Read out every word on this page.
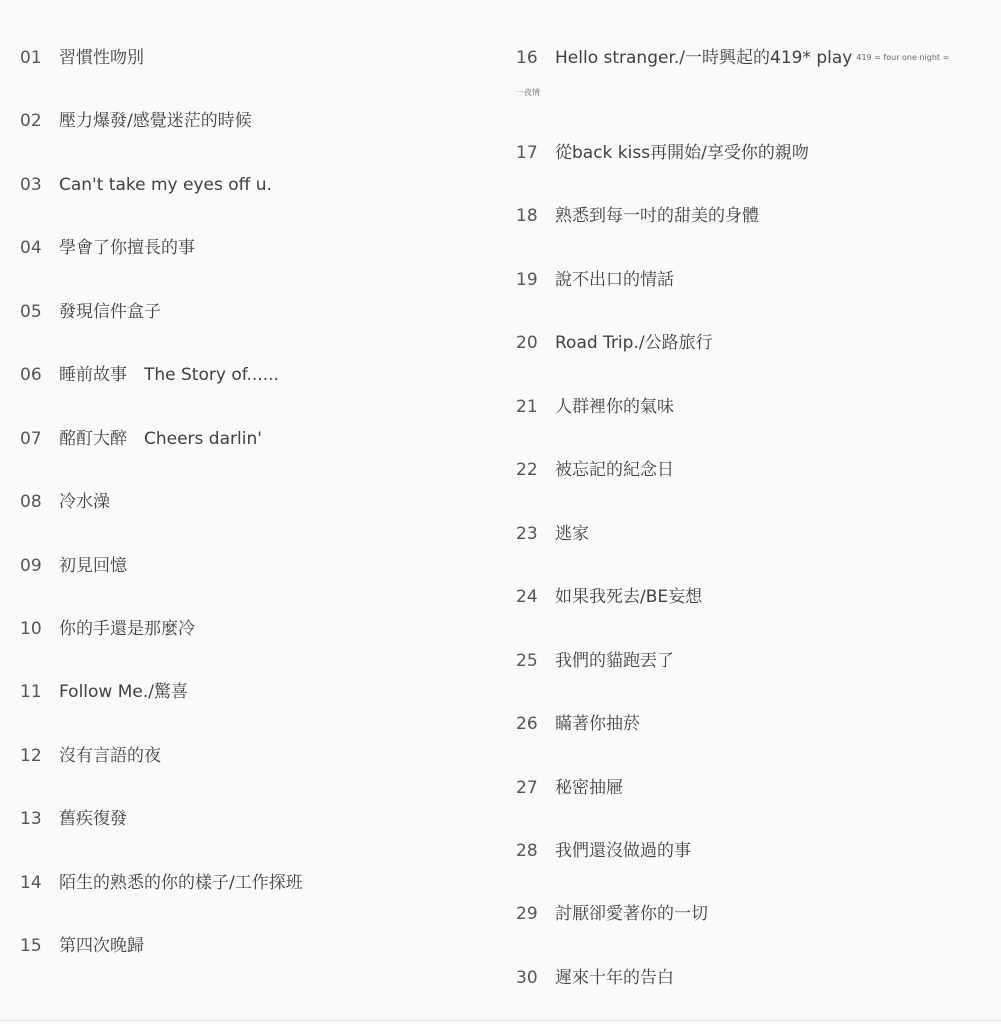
01 習慣性吻別
02 壓力爆發/感覺迷茫的時候
03 Can't take my eyes off u.
04 學會了你擅長的事
05 發現信件盒子
06 睡前故事　The Story of......
07 酩酊大醉　Cheers darlin'
08 冷水澡
09 初見回憶
10 你的手還是那麼冷
11 Follow Me./驚喜
12 沒有言語的夜
13 舊疾復發
14 陌生的熟悉的你的樣子/工作探班
15 第四次晚歸
16 Hello stranger./一時興起的419* play 419 = four one night =
一夜情
17 從back kiss再開始/享受你的親吻
18 熟悉到每一吋的甜美的身體
19 說不出口的情話
20 Road Trip./公路旅行
21 人群裡你的氣味
22 被忘記的紀念日
23 逃家
24 如果我死去/BE妄想
25 我們的貓跑丟了
26 瞞著你抽菸
27 秘密抽屜
28 我們還沒做過的事
29 討厭卻愛著你的一切
30 遲來十年的告白
